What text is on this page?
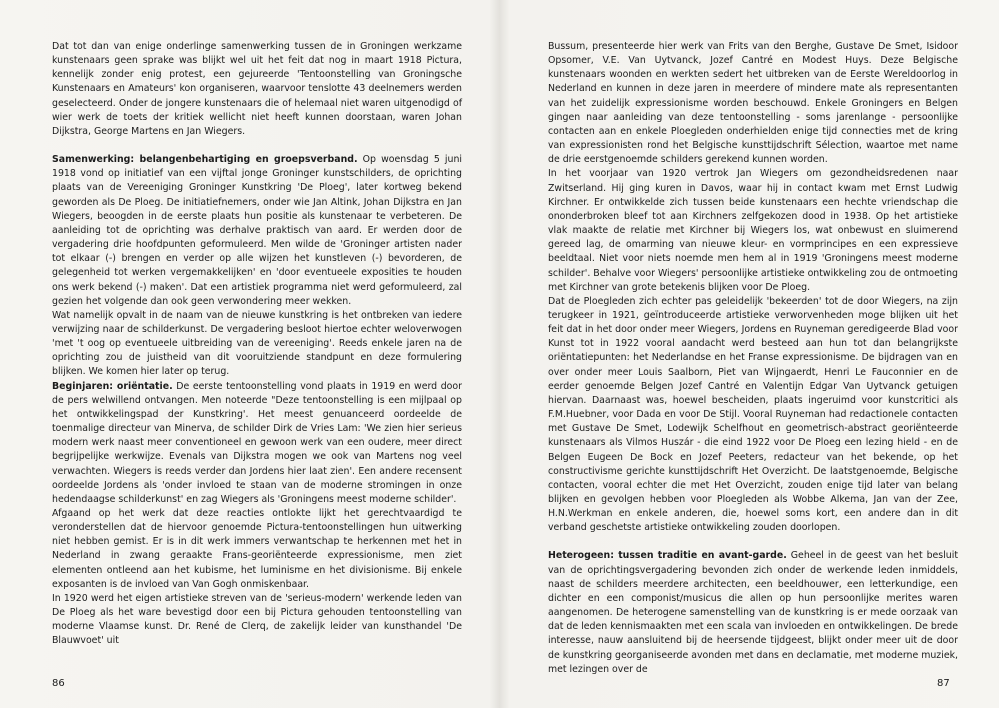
Dat tot dan van enige onderlinge samenwerking tussen de in Groningen werkzame kunstenaars geen sprake was blijkt wel uit het feit dat nog in maart 1918 Pictura, kennelijk zonder enig protest, een gejureerde 'Tentoonstelling van Groningsche Kunstenaars en Amateurs' kon organiseren, waarvoor tenslotte 43 deelnemers werden geselecteerd. Onder de jongere kunstenaars die of helemaal niet waren uitgenodigd of wier werk de toets der kritiek wellicht niet heeft kunnen doorstaan, waren Johan Dijkstra, George Martens en Jan Wiegers.

Samenwerking: belangenbehartiging en groepsverband. Op woensdag 5 juni 1918 vond op initiatief van een vijftal jonge Groninger kunstschilders, de oprichting plaats van de Vereeniging Groninger Kunstkring 'De Ploeg', later kortweg bekend geworden als De Ploeg. De initiatiefnemers, onder wie Jan Altink, Johan Dijkstra en Jan Wiegers, beoogden in de eerste plaats hun positie als kunstenaar te verbeteren. De aanleiding tot de oprichting was derhalve praktisch van aard. Er werden door de vergadering drie hoofdpunten geformuleerd. Men wilde de 'Groninger artisten nader tot elkaar (-) brengen en verder op alle wijzen het kunstleven (-) bevorderen, de gelegenheid tot werken vergemakkelijken' en 'door eventueele exposities te houden ons werk bekend (-) maken'. Dat een artistiek programma niet werd geformuleerd, zal gezien het volgende dan ook geen verwondering meer wekken.

Wat namelijk opvalt in de naam van de nieuwe kunstkring is het ontbreken van iedere verwijzing naar de schilderkunst. De vergadering besloot hiertoe echter weloverwogen 'met 't oog op eventueele uitbreiding van de vereeniging'. Reeds enkele jaren na de oprichting zou de juistheid van dit vooruitziende standpunt en deze formulering blijken. We komen hier later op terug.

Beginjaren: oriëntatie. De eerste tentoonstelling vond plaats in 1919 en werd door de pers welwillend ontvangen. Men noteerde "Deze tentoonstelling is een mijlpaal op het ontwikkelingspad der Kunstkring'. Het meest genuanceerd oordeelde de toenmalige directeur van Minerva, de schilder Dirk de Vries Lam: 'We zien hier serieus modern werk naast meer conventioneel en gewoon werk van een oudere, meer direct begrijpelijke werkwijze. Evenals van Dijkstra mogen we ook van Martens nog veel verwachten. Wiegers is reeds verder dan Jordens hier laat zien'. Een andere recensent oordeelde Jordens als 'onder invloed te staan van de moderne stromingen in onze hedendaagse schilderkunst' en zag Wiegers als 'Groningens meest moderne schilder'.

Afgaand op het werk dat deze reacties ontlokte lijkt het gerechtvaardigd te veronderstellen dat de hiervoor genoemde Pictura-tentoonstellingen hun uitwerking niet hebben gemist. Er is in dit werk immers verwantschap te herkennen met het in Nederland in zwang geraakte Frans-georiënteerde expressionisme, men ziet elementen ontleend aan het kubisme, het luminisme en het divisionisme. Bij enkele exposanten is de invloed van Van Gogh onmiskenbaar.

In 1920 werd het eigen artistieke streven van de 'serieus-modern' werkende leden van De Ploeg als het ware bevestigd door een bij Pictura gehouden tentoonstelling van moderne Vlaamse kunst. Dr. René de Clerq, de zakelijk leider van kunsthandel 'De Blauwvoet' uit

86

Bussum, presenteerde hier werk van Frits van den Berghe, Gustave De Smet, Isidoor Opsomer, V.E. Van Uytvanck, Jozef Cantré en Modest Huys. Deze Belgische kunstenaars woonden en werkten sedert het uitbreken van de Eerste Wereldoorlog in Nederland en kunnen in deze jaren in meerdere of mindere mate als representanten van het zuidelijk expressionisme worden beschouwd. Enkele Groningers en Belgen gingen naar aanleiding van deze tentoonstelling - soms jarenlange - persoonlijke contacten aan en enkele Ploegleden onderhielden enige tijd connecties met de kring van expressionisten rond het Belgische kunsttijdschrift Sélection, waartoe met name de drie eerstgenoemde schilders gerekend kunnen worden.

In het voorjaar van 1920 vertrok Jan Wiegers om gezondheidsredenen naar Zwitserland. Hij ging kuren in Davos, waar hij in contact kwam met Ernst Ludwig Kirchner. Er ontwikkelde zich tussen beide kunstenaars een hechte vriendschap die ononderbroken bleef tot aan Kirchners zelfgekozen dood in 1938. Op het artistieke vlak maakte de relatie met Kirchner bij Wiegers los, wat onbewust en sluimerend gereed lag, de omarming van nieuwe kleur- en vormprincipes en een expressieve beeldtaal. Niet voor niets noemde men hem al in 1919 'Groningens meest moderne schilder'. Behalve voor Wiegers' persoonlijke artistieke ontwikkeling zou de ontmoeting met Kirchner van grote betekenis blijken voor De Ploeg.

Dat de Ploegleden zich echter pas geleidelijk 'bekeerden' tot de door Wiegers, na zijn terugkeer in 1921, geïntroduceerde artistieke verworvenheden moge blijken uit het feit dat in het door onder meer Wiegers, Jordens en Ruyneman geredigeerde Blad voor Kunst tot in 1922 vooral aandacht werd besteed aan hun tot dan belangrijkste oriëntatiepunten: het Nederlandse en het Franse expressionisme. De bijdragen van en over onder meer Louis Saalborn, Piet van Wijngaerdt, Henri Le Fauconnier en de eerder genoemde Belgen Jozef Cantré en Valentijn Edgar Van Uytvanck getuigen hiervan. Daarnaast was, hoewel bescheiden, plaats ingeruimd voor kunstcritici als F.M.Huebner, voor Dada en voor De Stijl. Vooral Ruyneman had redactionele contacten met Gustave De Smet, Lodewijk Schelfhout en geometrisch-abstract georiënteerde kunstenaars als Vilmos Huszár - die eind 1922 voor De Ploeg een lezing hield - en de Belgen Eugeen De Bock en Jozef Peeters, redacteur van het bekende, op het constructivisme gerichte kunsttijdschrift Het Overzicht. De laatstgenoemde, Belgische contacten, vooral echter die met Het Overzicht, zouden enige tijd later van belang blijken en gevolgen hebben voor Ploegleden als Wobbe Alkema, Jan van der Zee, H.N.Werkman en enkele anderen, die, hoewel soms kort, een andere dan in dit verband geschetste artistieke ontwikkeling zouden doorlopen.

Heterogeen: tussen traditie en avant-garde. Geheel in de geest van het besluit van de oprichtingsvergadering bevonden zich onder de werkende leden inmiddels, naast de schilders meerdere architecten, een beeldhouwer, een letterkundige, een dichter en een componist/musicus die allen op hun persoonlijke merites waren aangenomen. De heterogene samenstelling van de kunstkring is er mede oorzaak van dat de leden kennismaakten met een scala van invloeden en ontwikkelingen. De brede interesse, nauw aansluitend bij de heersende tijdgeest, blijkt onder meer uit de door de kunstkring georganiseerde avonden met dans en declamatie, met moderne muziek, met lezingen over de

87
